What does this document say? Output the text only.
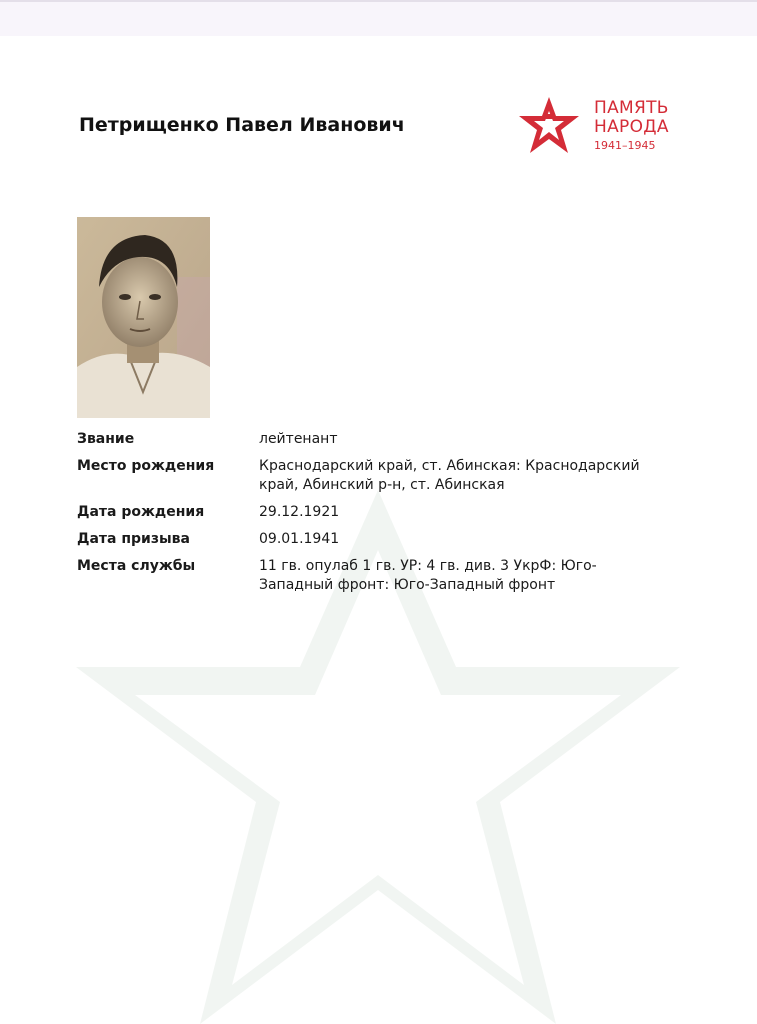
Петрищенко Павел Иванович
ПАМЯТЬ
НАРОДА
1941–1945
Звание	лейтенант
Место рождения	Краснодарский край, ст. Абинская: Краснодарский край, Абинский р-н, ст. Абинская
Дата рождения	29.12.1921
Дата призыва	09.01.1941
Места службы	11 гв. опулаб 1 гв. УР: 4 гв. див. 3 УкрФ: Юго-Западный фронт: Юго-Западный фронт
